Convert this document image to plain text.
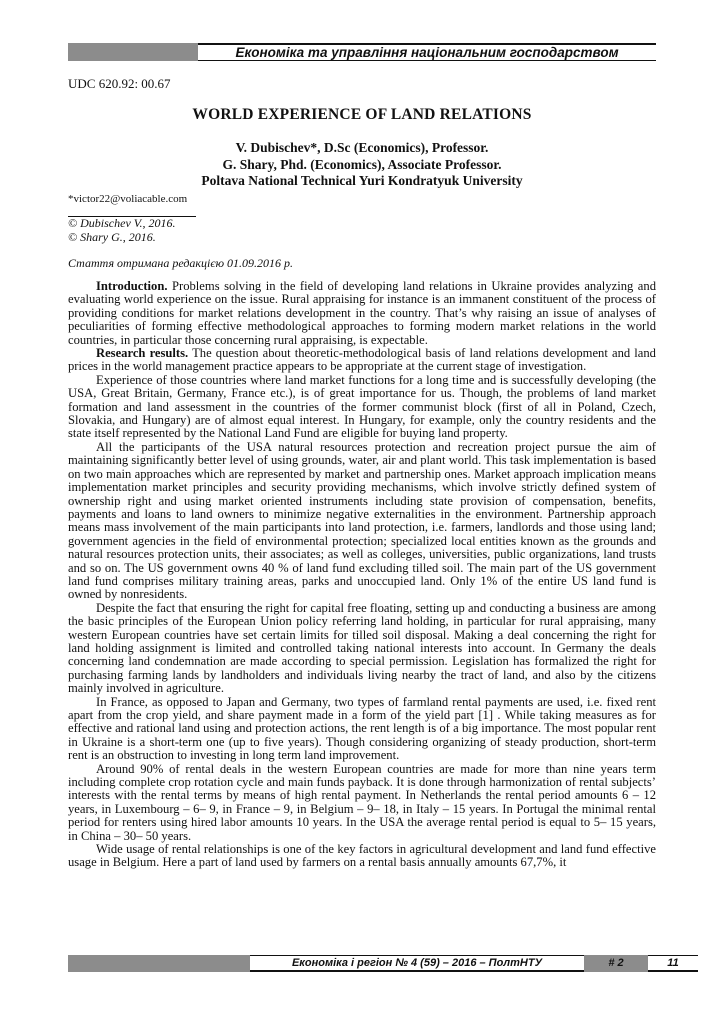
Економіка та управління національним господарством
UDC 620.92: 00.67
WORLD EXPERIENCE OF LAND RELATIONS
V. Dubischev*, D.Sc (Economics), Professor.
G. Shary, Phd. (Economics), Associate Professor.
Poltava National Technical Yuri Kondratyuk University
*victor22@voliacable.com
© Dubischev V., 2016.
© Shary G., 2016.
Стаття отримана редакцією 01.09.2016 р.

Introduction. Problems solving in the field of developing land relations in Ukraine provides analyzing and evaluating world experience on the issue. Rural appraising for instance is an immanent constituent of the process of providing conditions for market relations development in the country. That’s why raising an issue of analyses of peculiarities of forming effective methodological approaches to forming modern market relations in the world countries, in particular those concerning rural appraising, is expectable.

Research results. The question about theoretic-methodological basis of land relations development and land prices in the world management practice appears to be appropriate at the current stage of investigation.

Experience of those countries where land market functions for a long time and is successfully developing (the USA, Great Britain, Germany, France etc.), is of great importance for us. Though, the problems of land market formation and land assessment in the countries of the former communist block (first of all in Poland, Czech, Slovakia, and Hungary) are of almost equal interest. In Hungary, for example, only the country residents and the state itself represented by the National Land Fund are eligible for buying land property.

All the participants of the USA natural resources protection and recreation project pursue the aim of maintaining significantly better level of using grounds, water, air and plant world. This task implementation is based on two main approaches which are represented by market and partnership ones. Market approach implication means implementation market principles and security providing mechanisms, which involve strictly defined system of ownership right and using market oriented instruments including state provision of compensation, benefits, payments and loans to land owners to minimize negative externalities in the environment. Partnership approach means mass involvement of the main participants into land protection, i.e. farmers, landlords and those using land; government agencies in the field of environmental protection; specialized local entities known as the grounds and natural resources protection units, their associates; as well as colleges, universities, public organizations, land trusts and so on. The US government owns 40 % of land fund excluding tilled soil. The main part of the US government land fund comprises military training areas, parks and unoccupied land. Only 1% of the entire US land fund is owned by nonresidents.

Despite the fact that ensuring the right for capital free floating, setting up and conducting a business are among the basic principles of the European Union policy referring land holding, in particular for rural appraising, many western European countries have set certain limits for tilled soil disposal. Making a deal concerning the right for land holding assignment is limited and controlled taking national interests into account. In Germany the deals concerning land condemnation are made according to special permission. Legislation has formalized the right for purchasing farming lands by landholders and individuals living nearby the tract of land, and also by the citizens mainly involved in agriculture.

In France, as opposed to Japan and Germany, two types of farmland rental payments are used, i.e. fixed rent apart from the crop yield, and share payment made in a form of the yield part [1] . While taking measures as for effective and rational land using and protection actions, the rent length is of a big importance. The most popular rent in Ukraine is a short-term one (up to five years). Though considering organizing of steady production, short-term rent is an obstruction to investing in long term land improvement.

Around 90% of rental deals in the western European countries are made for more than nine years term including complete crop rotation cycle and main funds payback. It is done through harmonization of rental subjects’ interests with the rental terms by means of high rental payment. In Netherlands the rental period amounts 6 – 12 years, in Luxembourg – 6– 9, in France – 9, in Belgium – 9– 18, in Italy – 15 years. In Portugal the minimal rental period for renters using hired labor amounts 10 years. In the USA the average rental period is equal to 5– 15 years, in China – 30– 50 years.

Wide usage of rental relationships is one of the key factors in agricultural development and land fund effective usage in Belgium. Here a part of land used by farmers on a rental basis annually amounts 67,7%, it

Економіка і регіон № 4 (59) – 2016 – ПолтНТУ	# 2	11
